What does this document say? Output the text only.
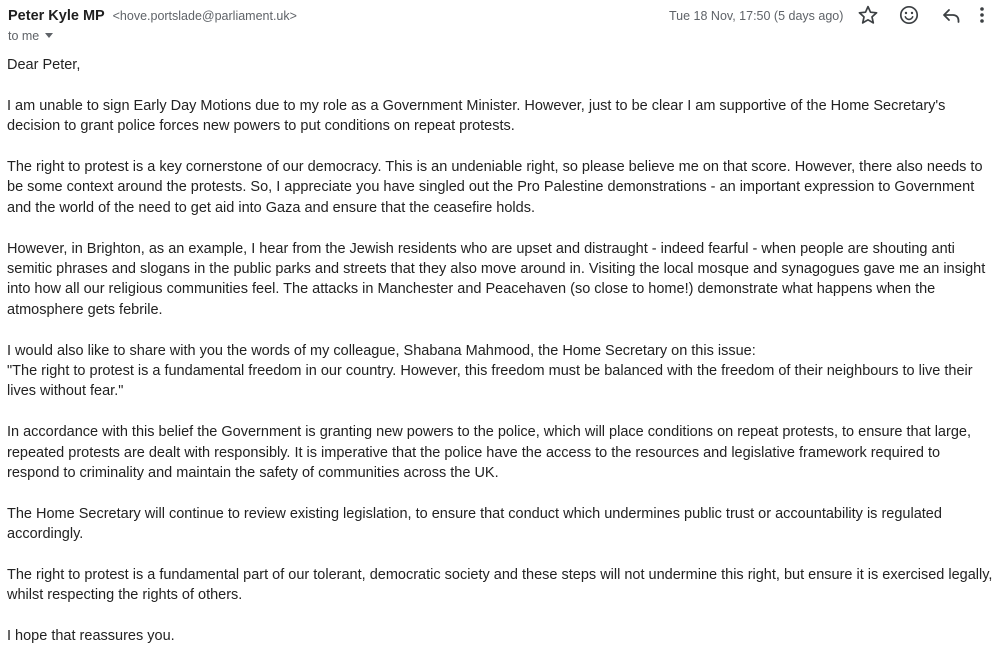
Peter Kyle MP <hove.portslade@parliament.uk>
to me
Tue 18 Nov, 17:50 (5 days ago)

Dear Peter,

I am unable to sign Early Day Motions due to my role as a Government Minister. However, just to be clear I am supportive of the Home Secretary's decision to grant police forces new powers to put conditions on repeat protests.

The right to protest is a key cornerstone of our democracy. This is an undeniable right, so please believe me on that score. However, there also needs to be some context around the protests. So, I appreciate you have singled out the Pro Palestine demonstrations - an important expression to Government and the world of the need to get aid into Gaza and ensure that the ceasefire holds.

However, in Brighton, as an example, I hear from the Jewish residents who are upset and distraught - indeed fearful - when people are shouting anti semitic phrases and slogans in the public parks and streets that they also move around in. Visiting the local mosque and synagogues gave me an insight into how all our religious communities feel. The attacks in Manchester and Peacehaven (so close to home!) demonstrate what happens when the atmosphere gets febrile.

I would also like to share with you the words of my colleague, Shabana Mahmood, the Home Secretary on this issue:

"The right to protest is a fundamental freedom in our country. However, this freedom must be balanced with the freedom of their neighbours to live their lives without fear."

In accordance with this belief the Government is granting new powers to the police, which will place conditions on repeat protests, to ensure that large, repeated protests are dealt with responsibly. It is imperative that the police have the access to the resources and legislative framework required to respond to criminality and maintain the safety of communities across the UK.

The Home Secretary will continue to review existing legislation, to ensure that conduct which undermines public trust or accountability is regulated accordingly.

The right to protest is a fundamental part of our tolerant, democratic society and these steps will not undermine this right, but ensure it is exercised legally, whilst respecting the rights of others.

I hope that reassures you.
